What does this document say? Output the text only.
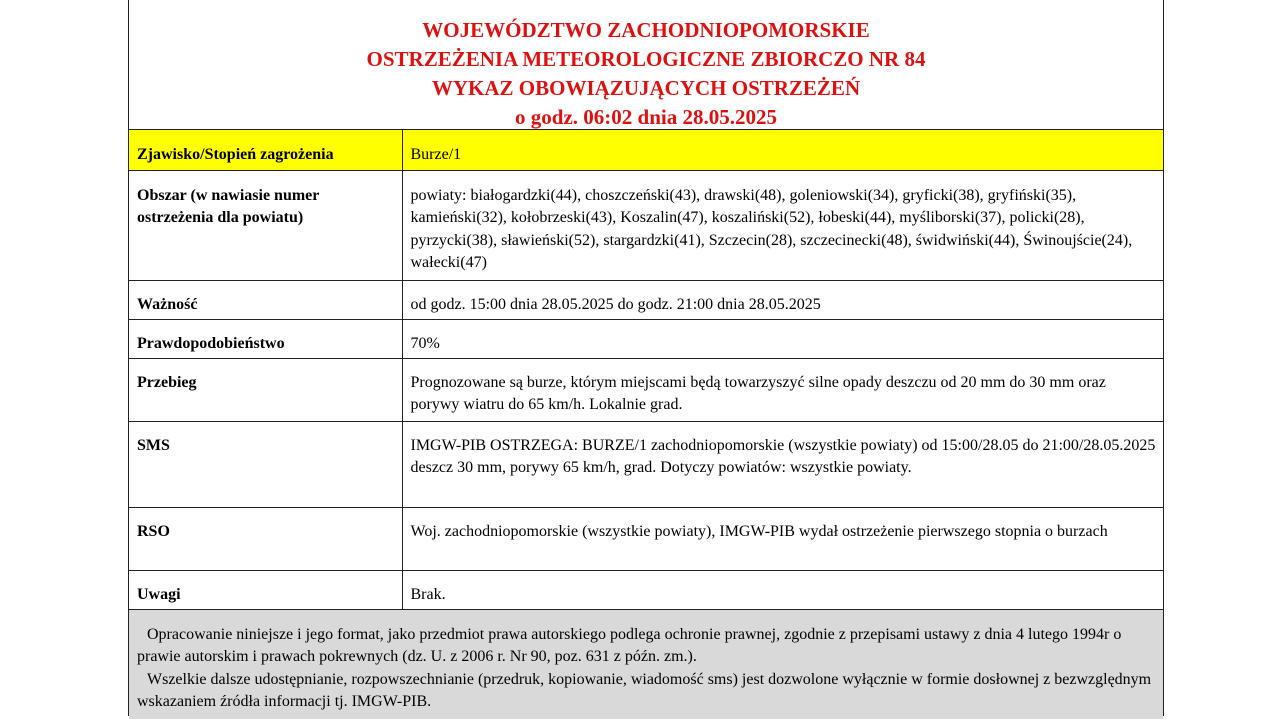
WOJEWÓDZTWO ZACHODNIOPOMORSKIE
OSTRZEŻENIA METEOROLOGICZNE ZBIORCZO NR 84
WYKAZ OBOWIĄZUJĄCYCH OSTRZEŻEŃ
o godz. 06:02 dnia 28.05.2025
Zjawisko/Stopień zagrożenia	Burze/1
Obszar (w nawiasie numer ostrzeżenia dla powiatu)	powiaty: białogardzki(44), choszczeński(43), drawski(48), goleniowski(34), gryficki(38), gryfiński(35), kamieński(32), kołobrzeski(43), Koszalin(47), koszaliński(52), łobeski(44), myśliborski(37), policki(28), pyrzycki(38), sławieński(52), stargardzki(41), Szczecin(28), szczecinecki(48), świdwiński(44), Świnoujście(24), wałecki(47)
Ważność	od godz. 15:00 dnia 28.05.2025 do godz. 21:00 dnia 28.05.2025
Prawdopodobieństwo	70%
Przebieg	Prognozowane są burze, którym miejscami będą towarzyszyć silne opady deszczu od 20 mm do 30 mm oraz porywy wiatru do 65 km/h. Lokalnie grad.
SMS	IMGW-PIB OSTRZEGA: BURZE/1 zachodniopomorskie (wszystkie powiaty) od 15:00/28.05 do 21:00/28.05.2025 deszcz 30 mm, porywy 65 km/h, grad. Dotyczy powiatów: wszystkie powiaty.
RSO	Woj. zachodniopomorskie (wszystkie powiaty), IMGW-PIB wydał ostrzeżenie pierwszego stopnia o burzach
Uwagi	Brak.

Opracowanie niniejsze i jego format, jako przedmiot prawa autorskiego podlega ochronie prawnej, zgodnie z przepisami ustawy z dnia 4 lutego 1994r o prawie autorskim i prawach pokrewnych (dz. U. z 2006 r. Nr 90, poz. 631 z późn. zm.).

Wszelkie dalsze udostępnianie, rozpowszechnianie (przedruk, kopiowanie, wiadomość sms) jest dozwolone wyłącznie w formie dosłownej z bezwzględnym wskazaniem źródła informacji tj. IMGW-PIB.
